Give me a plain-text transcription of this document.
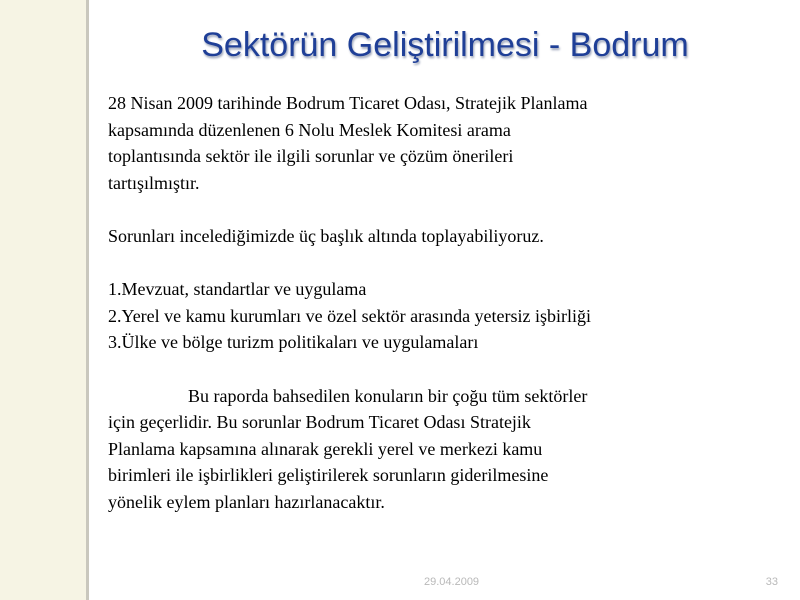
Sektörün Geliştirilmesi - Bodrum

28 Nisan 2009 tarihinde Bodrum Ticaret Odası, Stratejik Planlama

kapsamında düzenlenen 6 Nolu Meslek Komitesi arama

toplantısında sektör ile ilgili sorunlar ve çözüm önerileri

tartışılmıştır.

Sorunları incelediğimizde üç başlık altında toplayabiliyoruz.

1.Mevzuat, standartlar ve uygulama

2.Yerel ve kamu kurumları ve özel sektör arasında yetersiz işbirliği

3.Ülke ve bölge turizm politikaları ve uygulamaları

Bu raporda bahsedilen konuların bir çoğu tüm sektörler

için geçerlidir. Bu sorunlar Bodrum Ticaret Odası Stratejik

Planlama kapsamına alınarak gerekli yerel ve merkezi kamu

birimleri ile işbirlikleri geliştirilerek sorunların giderilmesine

yönelik eylem planları hazırlanacaktır.

29.04.2009	33
